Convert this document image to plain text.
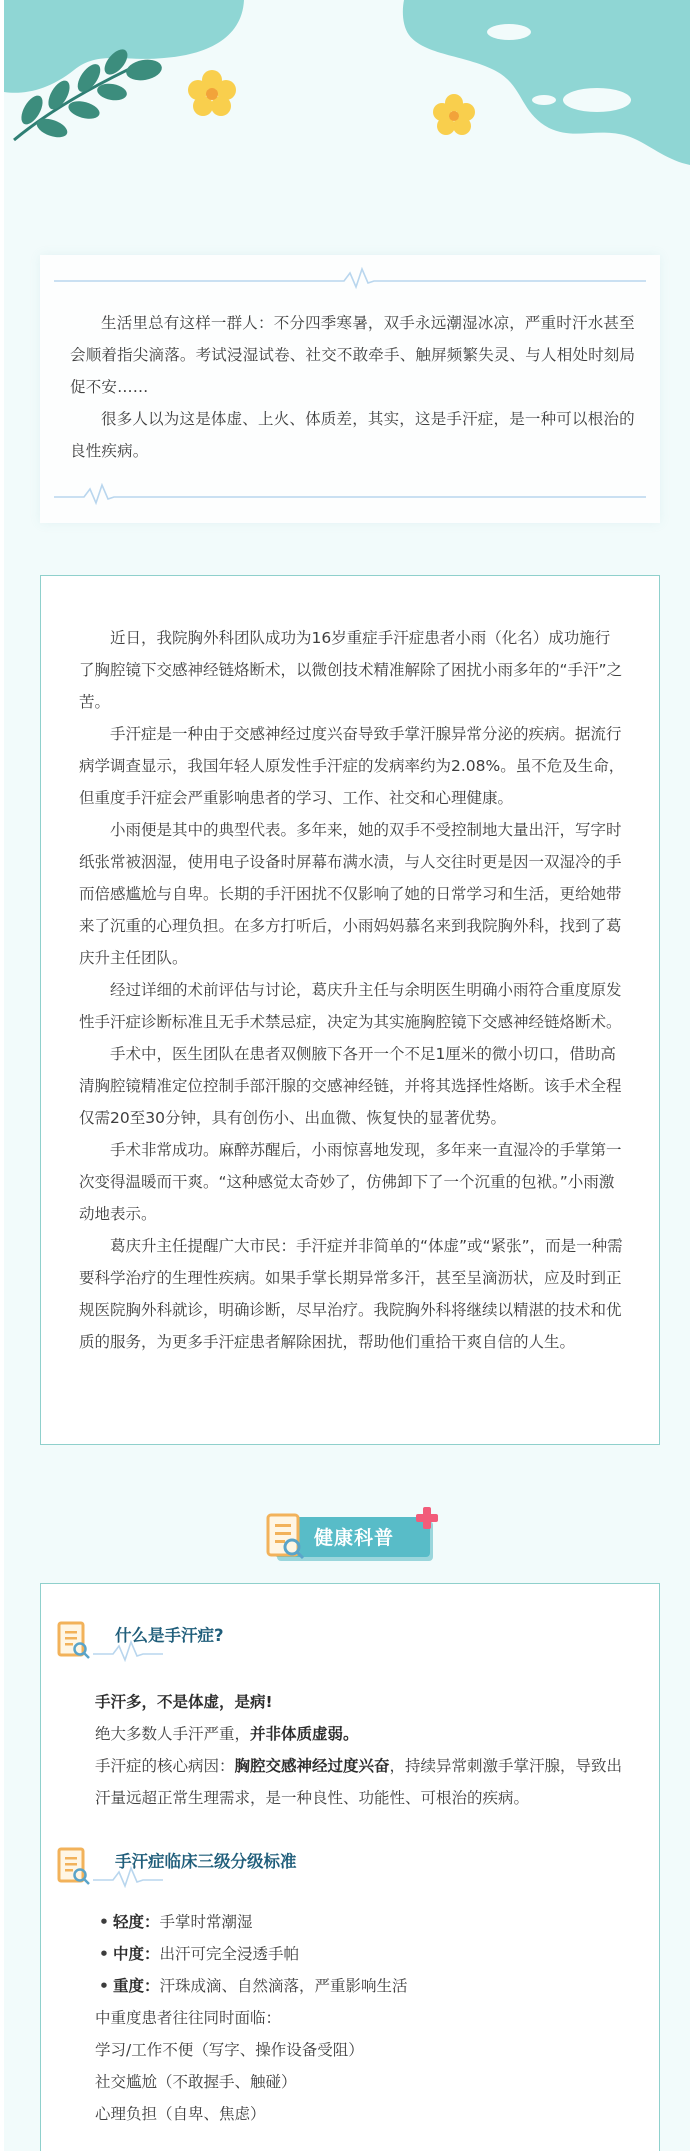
生活里总有这样一群人：不分四季寒暑，双手永远潮湿冰凉，严重时汗水甚至会顺着指尖滴落。考试浸湿试卷、社交不敢牵手、触屏频繁失灵、与人相处时刻局促不安……

很多人以为这是体虚、上火、体质差，其实，这是手汗症，是一种可以根治的良性疾病。

近日，我院胸外科团队成功为16岁重症手汗症患者小雨（化名）成功施行了胸腔镜下交感神经链烙断术，以微创技术精准解除了困扰小雨多年的“手汗”之苦。

手汗症是一种由于交感神经过度兴奋导致手掌汗腺异常分泌的疾病。据流行病学调查显示，我国年轻人原发性手汗症的发病率约为2.08%。虽不危及生命，但重度手汗症会严重影响患者的学习、工作、社交和心理健康。

小雨便是其中的典型代表。多年来，她的双手不受控制地大量出汗，写字时纸张常被洇湿，使用电子设备时屏幕布满水渍，与人交往时更是因一双湿冷的手而倍感尴尬与自卑。长期的手汗困扰不仅影响了她的日常学习和生活，更给她带来了沉重的心理负担。在多方打听后，小雨妈妈慕名来到我院胸外科，找到了葛庆升主任团队。

经过详细的术前评估与讨论，葛庆升主任与余明医生明确小雨符合重度原发性手汗症诊断标准且无手术禁忌症，决定为其实施胸腔镜下交感神经链烙断术。

手术中，医生团队在患者双侧腋下各开一个不足1厘米的微小切口，借助高清胸腔镜精准定位控制手部汗腺的交感神经链，并将其选择性烙断。该手术全程仅需20至30分钟，具有创伤小、出血微、恢复快的显著优势。

手术非常成功。麻醉苏醒后，小雨惊喜地发现，多年来一直湿冷的手掌第一次变得温暖而干爽。“这种感觉太奇妙了，仿佛卸下了一个沉重的包袱。”小雨激动地表示。

葛庆升主任提醒广大市民：手汗症并非简单的“体虚”或“紧张”，而是一种需要科学治疗的生理性疾病。如果手掌长期异常多汗，甚至呈滴沥状，应及时到正规医院胸外科就诊，明确诊断，尽早治疗。我院胸外科将继续以精湛的技术和优质的服务，为更多手汗症患者解除困扰，帮助他们重拾干爽自信的人生。

健康科普
什么是手汗症?

手汗多，不是体虚，是病!

绝大多数人手汗严重，并非体质虚弱。

手汗症的核心病因：胸腔交感神经过度兴奋，持续异常刺激手掌汗腺，导致出汗量远超正常生理需求，是一种良性、功能性、可根治的疾病。

手汗症临床三级分级标准

• 轻度：手掌时常潮湿

• 中度：出汗可完全浸透手帕

• 重度：汗珠成滴、自然滴落，严重影响生活

中重度患者往往同时面临：

学习/工作不便（写字、操作设备受阻）

社交尴尬（不敢握手、触碰）

心理负担（自卑、焦虑）
